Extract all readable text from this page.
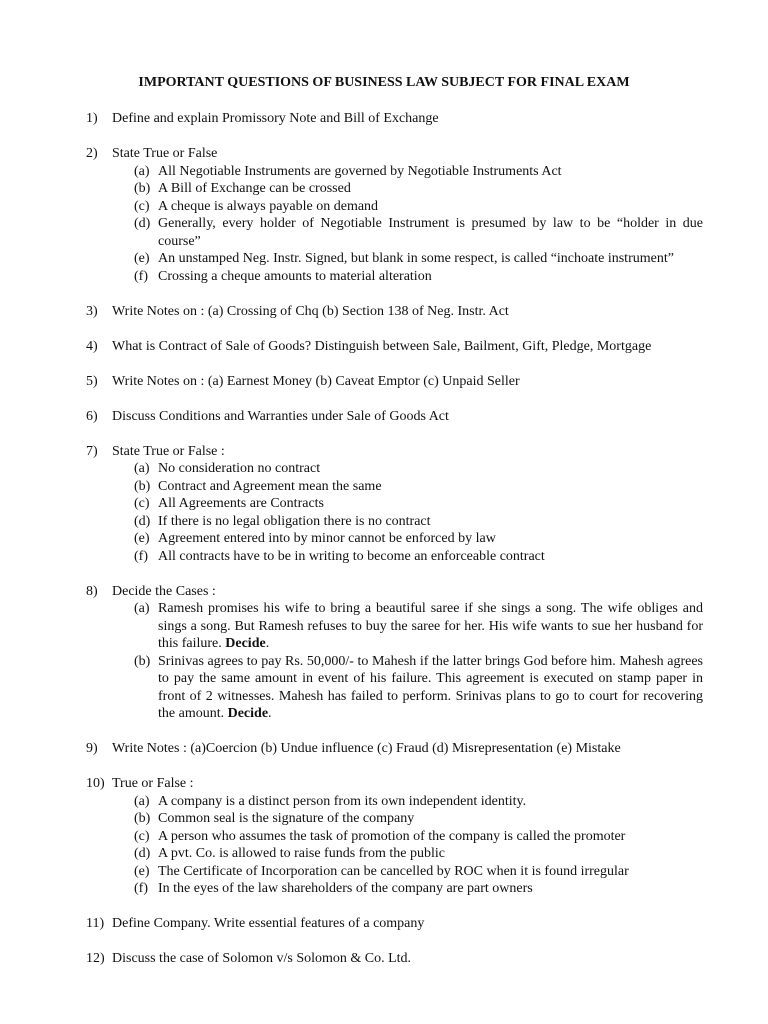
IMPORTANT QUESTIONS OF BUSINESS LAW SUBJECT FOR FINAL EXAM
1) Define and explain Promissory Note and Bill of Exchange
2) State True or False
(a) All Negotiable Instruments are governed by Negotiable Instruments Act
(b) A Bill of Exchange can be crossed
(c) A cheque is always payable on demand
(d) Generally, every holder of Negotiable Instrument is presumed by law to be “holder in due course”
(e) An unstamped Neg. Instr. Signed, but blank in some respect, is called “inchoate instrument”
(f) Crossing a cheque amounts to material alteration
3) Write Notes on : (a) Crossing of Chq (b) Section 138 of Neg. Instr. Act
4) What is Contract of Sale of Goods? Distinguish between Sale, Bailment, Gift, Pledge, Mortgage
5) Write Notes on : (a) Earnest Money (b) Caveat Emptor (c) Unpaid Seller
6) Discuss Conditions and Warranties under Sale of Goods Act
7) State True or False :
(a) No consideration no contract
(b) Contract and Agreement mean the same
(c) All Agreements are Contracts
(d) If there is no legal obligation there is no contract
(e) Agreement entered into by minor cannot be enforced by law
(f) All contracts have to be in writing to become an enforceable contract
8) Decide the Cases :
(a) Ramesh promises his wife to bring a beautiful saree if she sings a song. The wife obliges and sings a song. But Ramesh refuses to buy the saree for her. His wife wants to sue her husband for this failure. Decide.
(b) Srinivas agrees to pay Rs. 50,000/- to Mahesh if the latter brings God before him. Mahesh agrees to pay the same amount in event of his failure. This agreement is executed on stamp paper in front of 2 witnesses. Mahesh has failed to perform. Srinivas plans to go to court for recovering the amount. Decide.
9) Write Notes : (a)Coercion (b) Undue influence (c) Fraud (d) Misrepresentation (e) Mistake
10) True or False :
(a) A company is a distinct person from its own independent identity.
(b) Common seal is the signature of the company
(c) A person who assumes the task of promotion of the company is called the promoter
(d) A pvt. Co. is allowed to raise funds from the public
(e) The Certificate of Incorporation can be cancelled by ROC when it is found irregular
(f) In the eyes of the law shareholders of the company are part owners
11) Define Company. Write essential features of a company
12) Discuss the case of Solomon v/s Solomon & Co. Ltd.
